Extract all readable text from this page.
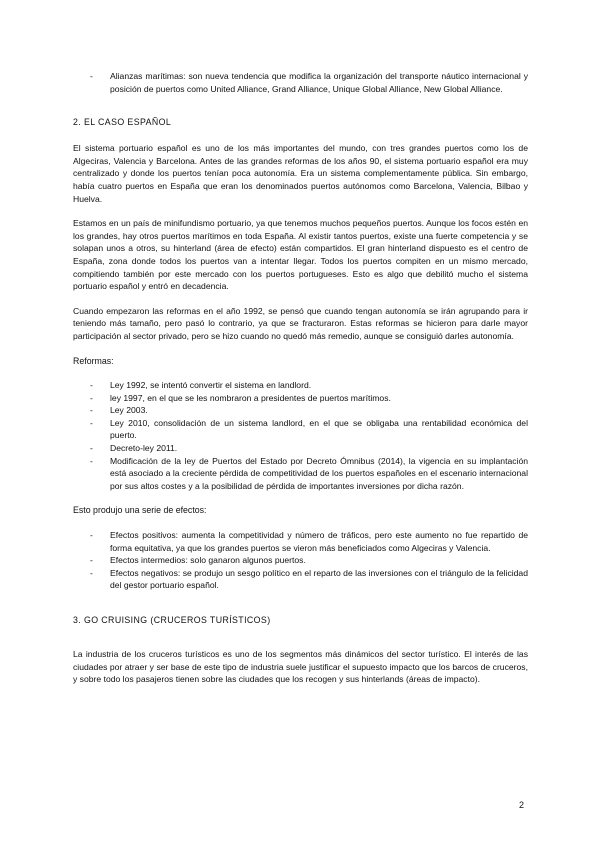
- Alianzas marítimas: son nueva tendencia que modifica la organización del transporte náutico internacional y posición de puertos como United Alliance, Grand Alliance, Unique Global Alliance, New Global Alliance.
2. EL CASO ESPAÑOL

El sistema portuario español es uno de los más importantes del mundo, con tres grandes puertos como los de Algeciras, Valencia y Barcelona. Antes de las grandes reformas de los años 90, el sistema portuario español era muy centralizado y donde los puertos tenían poca autonomía. Era un sistema complementamente pública. Sin embargo, había cuatro puertos en España que eran los denominados puertos autónomos como Barcelona, Valencia, Bilbao y Huelva.

Estamos en un país de minifundismo portuario, ya que tenemos muchos pequeños puertos. Aunque los focos estén en los grandes, hay otros puertos marítimos en toda España. Al existir tantos puertos, existe una fuerte competencia y se solapan unos a otros, su hinterland (área de efecto) están compartidos. El gran hinterland dispuesto es el centro de España, zona donde todos los puertos van a intentar llegar. Todos los puertos compiten en un mismo mercado, compitiendo también por este mercado con los puertos portugueses. Esto es algo que debilitó mucho el sistema portuario español y entró en decadencia.

Cuando empezaron las reformas en el año 1992, se pensó que cuando tengan autonomía se irán agrupando para ir teniendo más tamaño, pero pasó lo contrario, ya que se fracturaron. Estas reformas se hicieron para darle mayor participación al sector privado, pero se hizo cuando no quedó más remedio, aunque se consiguió darles autonomía.

Reformas:

- Ley 1992, se intentó convertir el sistema en landlord.
- ley 1997, en el que se les nombraron a presidentes de puertos marítimos.
- Ley 2003.
- Ley 2010, consolidación de un sistema landlord, en el que se obligaba una rentabilidad económica del puerto.
- Decreto-ley 2011.
- Modificación de la ley de Puertos del Estado por Decreto Ómnibus (2014), la vigencia en su implantación está asociado a la creciente pérdida de competitividad de los puertos españoles en el escenario internacional por sus altos costes y a la posibilidad de pérdida de importantes inversiones por dicha razón.

Esto produjo una serie de efectos:

- Efectos positivos: aumenta la competitividad y número de tráficos, pero este aumento no fue repartido de forma equitativa, ya que los grandes puertos se vieron más beneficiados como Algeciras y Valencia.
- Efectos intermedios: solo ganaron algunos puertos.
- Efectos negativos: se produjo un sesgo político en el reparto de las inversiones con el triángulo de la felicidad del gestor portuario español.
3. GO CRUISING (CRUCEROS TURÍSTICOS)

La industria de los cruceros turísticos es uno de los segmentos más dinámicos del sector turístico. El interés de las ciudades por atraer y ser base de este tipo de industria suele justificar el supuesto impacto que los barcos de cruceros, y sobre todo los pasajeros tienen sobre las ciudades que los recogen y sus hinterlands (áreas de impacto).

2
